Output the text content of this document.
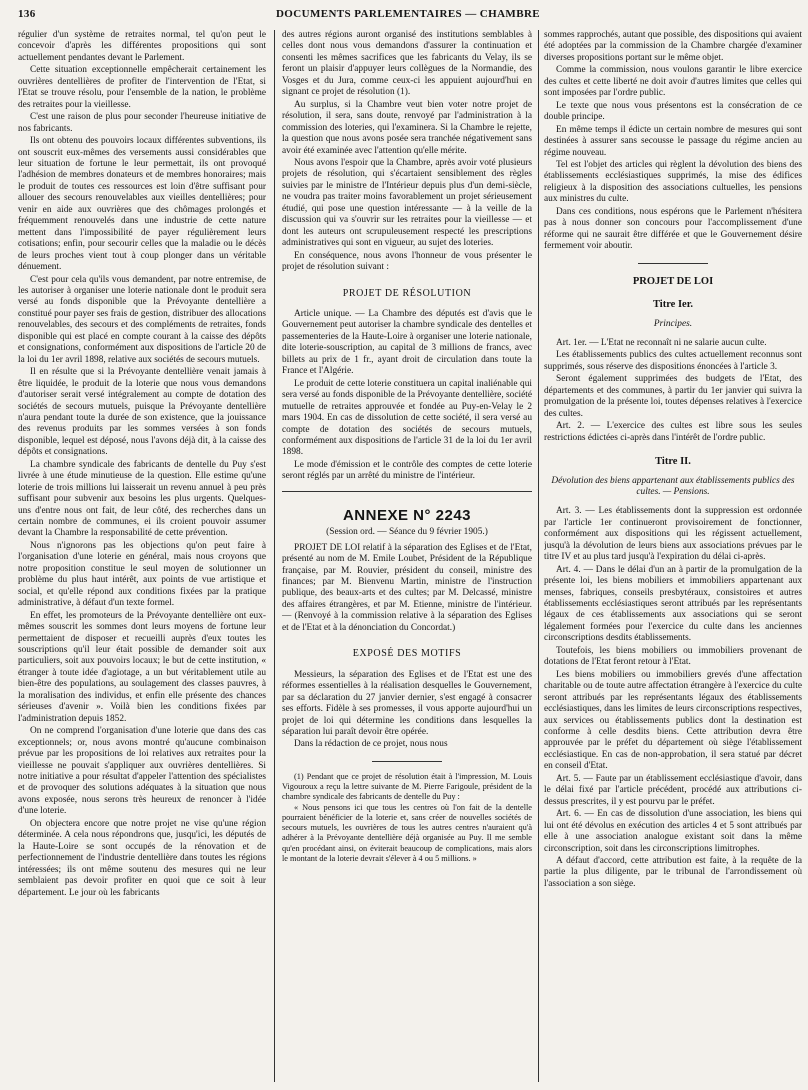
136	DOCUMENTS PARLEMENTAIRES — CHAMBRE

régulier d'un système de retraites normal, tel qu'on peut le concevoir d'après les différentes propositions qui sont actuellement pendantes devant le Parlement.

Cette situation exceptionnelle empêcherait certainement les ouvrières dentellières de profiter de l'intervention de l'Etat, si l'Etat se trouve résolu, pour l'ensemble de la nation, le problème des retraites pour la vieillesse.

C'est une raison de plus pour seconder l'heureuse initiative de nos fabricants.

Ils ont obtenu des pouvoirs locaux différentes subventions, ils ont souscrit eux-mêmes des versements aussi considérables que leur situation de fortune le leur permettait, ils ont provoqué l'adhésion de membres donateurs et de membres honoraires; mais le produit de toutes ces ressources est loin d'être suffisant pour allouer des secours renouvelables aux vieilles dentellières; pour venir en aide aux ouvrières que des chômages prolongés et fréquemment renouvelés dans une industrie de cette nature mettent dans l'impossibilité de payer régulièrement leurs cotisations; enfin, pour secourir celles que la maladie ou le décès de leurs proches vient tout à coup plonger dans un véritable dénuement.

C'est pour cela qu'ils vous demandent, par notre entremise, de les autoriser à organiser une loterie nationale dont le produit sera versé au fonds disponible que la Prévoyante dentellière a constitué pour payer ses frais de gestion, distribuer des allocations renouvelables, des secours et des compléments de retraites, fonds disponible qui est placé en compte courant à la caisse des dépôts et consignations, conformément aux dispositions de l'article 20 de la loi du 1er avril 1898, relative aux sociétés de secours mutuels.

Il en résulte que si la Prévoyante dentellière venait jamais à être liquidée, le produit de la loterie que nous vous demandons d'autoriser serait versé intégralement au compte de dotation des sociétés de secours mutuels, puisque la Prévoyante dentellière n'aura pendant toute la durée de son existence, que la jouissance des revenus produits par les sommes versées à son fonds disponible, lequel est déposé, nous l'avons déjà dit, à la caisse des dépôts et consignations.

La chambre syndicale des fabricants de dentelle du Puy s'est livrée à une étude minutieuse de la question. Elle estime qu'une loterie de trois millions lui laisserait un revenu annuel à peu près suffisant pour subvenir aux besoins les plus urgents. Quelques-uns d'entre nous ont fait, de leur côté, des recherches dans un certain nombre de communes, ei ils croient pouvoir assumer devant la Chambre la responsabilité de cette prévention.

Nous n'ignorons pas les objections qu'on peut faire à l'organisation d'une loterie en général, mais nous croyons que notre proposition constitue le seul moyen de solutionner un problème du plus haut intérêt, aux points de vue artistique et social, et qu'elle répond aux conditions fixées par la pratique administrative, à défaut d'un texte formel.

En effet, les promoteurs de la Prévoyante dentellière ont eux-mêmes souscrit les sommes dont leurs moyens de fortune leur permettaient de disposer et recueilli auprès d'eux toutes les souscriptions qu'il leur était possible de demander soit aux particuliers, soit aux pouvoirs locaux; le but de cette institution, « étranger à toute idée d'agiotage, a un but véritablement utile au bien-être des populations, au soulagement des classes pauvres, à la moralisation des individus, et enfin elle présente des chances sérieuses d'avenir ». Voilà bien les conditions fixées par l'administration depuis 1852.

On ne comprend l'organisation d'une loterie que dans des cas exceptionnels; or, nous avons montré qu'aucune combinaison prévue par les propositions de loi relatives aux retraites pour la vieillesse ne pouvait s'appliquer aux ouvrières dentellières. Si notre initiative a pour résultat d'appeler l'attention des spécialistes et de provoquer des solutions adéquates à la situation que nous avons exposée, nous serons très heureux de renoncer à l'idée d'une loterie.

On objectera encore que notre projet ne vise qu'une région déterminée. A cela nous répondrons que, jusqu'ici, les députés de la Haute-Loire se sont occupés de la rénovation et de perfectionnement de l'industrie dentellière dans toutes les régions intéressées; ils ont même soutenu des mesures qui ne leur semblaient pas devoir profiter en quoi que ce soit à leur département. Le jour où les fabricants

des autres régions auront organisé des institutions semblables à celles dont nous vous demandons d'assurer la continuation et consenti les mêmes sacrifices que les fabricants du Velay, ils se feront un plaisir d'appuyer leurs collègues de la Normandie, des Vosges et du Jura, comme ceux-ci les appuient aujourd'hui en signant ce projet de résolution (1).

Au surplus, si la Chambre veut bien voter notre projet de résolution, il sera, sans doute, renvoyé par l'administration à la commission des loteries, qui l'examinera. Si la Chambre le rejette, la question que nous avons posée sera tranchée négativement sans avoir été examinée avec l'attention qu'elle mérite.

Nous avons l'espoir que la Chambre, après avoir voté plusieurs projets de résolution, qui s'écartaient sensiblement des règles suivies par le ministre de l'Intérieur depuis plus d'un demi-siècle, ne voudra pas traiter moins favorablement un projet sérieusement étudié, qui pose une question intéressante — à la veille de la discussion qui va s'ouvrir sur les retraites pour la vieillesse — et dont les auteurs ont scrupuleusement respecté les prescriptions administratives qui sont en vigueur, au sujet des loteries.

En conséquence, nous avons l'honneur de vous présenter le projet de résolution suivant :

PROJET DE RÉSOLUTION

Article unique. — La Chambre des députés est d'avis que le Gouvernement peut autoriser la chambre syndicale des dentelles et passementeries de la Haute-Loire à organiser une loterie nationale, dite loterie-souscription, au capital de 3 millions de francs, avec billets au prix de 1 fr., ayant droit de circulation dans toute la France et l'Algérie.

Le produit de cette loterie constituera un capital inaliénable qui sera versé au fonds disponible de la Prévoyante dentellière, société mutuelle de retraites approuvée et fondée au Puy-en-Velay le 2 mars 1904. En cas de dissolution de cette société, il sera versé au compte de dotation des sociétés de secours mutuels, conformément aux dispositions de l'article 31 de la loi du 1er avril 1898.

Le mode d'émission et le contrôle des comptes de cette loterie seront réglés par un arrêté du ministre de l'intérieur.

ANNEXE N° 2243

(Session ord. — Séance du 9 février 1905.)

PROJET DE LOI relatif à la séparation des Eglises et de l'Etat, présenté au nom de M. Emile Loubet, Président de la République française, par M. Rouvier, président du conseil, ministre des finances; par M. Bienvenu Martin, ministre de l'instruction publique, des beaux-arts et des cultes; par M. Delcassé, ministre des affaires étrangères, et par M. Etienne, ministre de l'intérieur. — (Renvoyé à la commission relative à la séparation des Eglises et de l'Etat et à la dénonciation du Concordat.)

EXPOSÉ DES MOTIFS

Messieurs, la séparation des Eglises et de l'Etat est une des réformes essentielles à la réalisation desquelles le Gouvernement, par sa déclaration du 27 janvier dernier, s'est engagé à consacrer ses efforts. Fidèle à ses promesses, il vous apporte aujourd'hui un projet de loi qui détermine les conditions dans lesquelles la séparation lui paraît devoir être opérée.

Dans la rédaction de ce projet, nous nous

(1) Pendant que ce projet de résolution était à l'impression, M. Louis Vigouroux a reçu la lettre suivante de M. Pierre Farigoule, président de la chambre syndicale des fabricants de dentelle du Puy :

« Nous pensons ici que tous les centres où l'on fait de la dentelle pourraient bénéficier de la loterie et, sans créer de nouvelles sociétés de secours mutuels, les ouvrières de tous les autres centres n'auraient qu'à adhérer à la Prévoyante dentellière déjà organisée au Puy. Il me semble qu'en procédant ainsi, on éviterait beaucoup de complications, mais alors le montant de la loterie devrait s'élever à 4 ou 5 millions. »

sommes rapprochés, autant que possible, des dispositions qui avaient été adoptées par la commission de la Chambre chargée d'examiner diverses propositions portant sur le même objet.

Comme la commission, nous voulons garantir le libre exercice des cultes et cette liberté ne doit avoir d'autres limites que celles qui sont imposées par l'ordre public.

Le texte que nous vous présentons est la consécration de ce double principe.

En même temps il édicte un certain nombre de mesures qui sont destinées à assurer sans secousse le passage du régime ancien au régime nouveau.

Tel est l'objet des articles qui règlent la dévolution des biens des établissements ecclésiastiques supprimés, la mise des édifices religieux à la disposition des associations cultuelles, les pensions aux ministres du culte.

Dans ces conditions, nous espérons que le Parlement n'hésitera pas à nous donner son concours pour l'accomplissement d'une réforme qui ne saurait être différée et que le Gouvernement désire fermement voir aboutir.

PROJET DE LOI
Titre Ier.
Principes.

Art. 1er. — L'Etat ne reconnaît ni ne salarie aucun culte.

Les établissements publics des cultes actuellement reconnus sont supprimés, sous réserve des dispositions énoncées à l'article 3.

Seront également supprimées des budgets de l'Etat, des départements et des communes, à partir du 1er janvier qui suivra la promulgation de la présente loi, toutes dépenses relatives à l'exercice des cultes.

Art. 2. — L'exercice des cultes est libre sous les seules restrictions édictées ci-après dans l'intérêt de l'ordre public.

Titre II.
Dévolution des biens appartenant aux établissements publics des cultes. — Pensions.

Art. 3. — Les établissements dont la suppression est ordonnée par l'article 1er continueront provisoirement de fonctionner, conformément aux dispositions qui les régissent actuellement, jusqu'à la dévolution de leurs biens aux associations prévues par le titre IV et au plus tard jusqu'à l'expiration du délai ci-après.

Art. 4. — Dans le délai d'un an à partir de la promulgation de la présente loi, les biens mobiliers et immobiliers appartenant aux menses, fabriques, conseils presbytéraux, consistoires et autres établissements ecclésiastiques seront attribués par les représentants légaux de ces établissements aux associations qui se seront légalement formées pour l'exercice du culte dans les anciennes circonscriptions desdits établissements.

Toutefois, les biens mobiliers ou immobiliers provenant de dotations de l'Etat feront retour à l'Etat.

Les biens mobiliers ou immobiliers grevés d'une affectation charitable ou de toute autre affectation étrangère à l'exercice du culte seront attribués par les représentants légaux des établissements ecclésiastiques, dans les limites de leurs circonscriptions respectives, aux services ou établissements publics dont la destination est conforme à celle desdits biens. Cette attribution devra être approuvée par le préfet du département où siège l'établissement ecclésiastique. En cas de non-approbation, il sera statué par décret en conseil d'Etat.

Art. 5. — Faute par un établissement ecclésiastique d'avoir, dans le délai fixé par l'article précédent, procédé aux attributions ci-dessus prescrites, il y est pourvu par le préfet.

Art. 6. — En cas de dissolution d'une association, les biens qui lui ont été dévolus en exécution des articles 4 et 5 sont attribués par elle à une association analogue existant soit dans la même circonscription, soit dans les circonscriptions limitrophes.

A défaut d'accord, cette attribution est faite, à la requête de la partie la plus diligente, par le tribunal de l'arrondissement où l'association a son siège.
